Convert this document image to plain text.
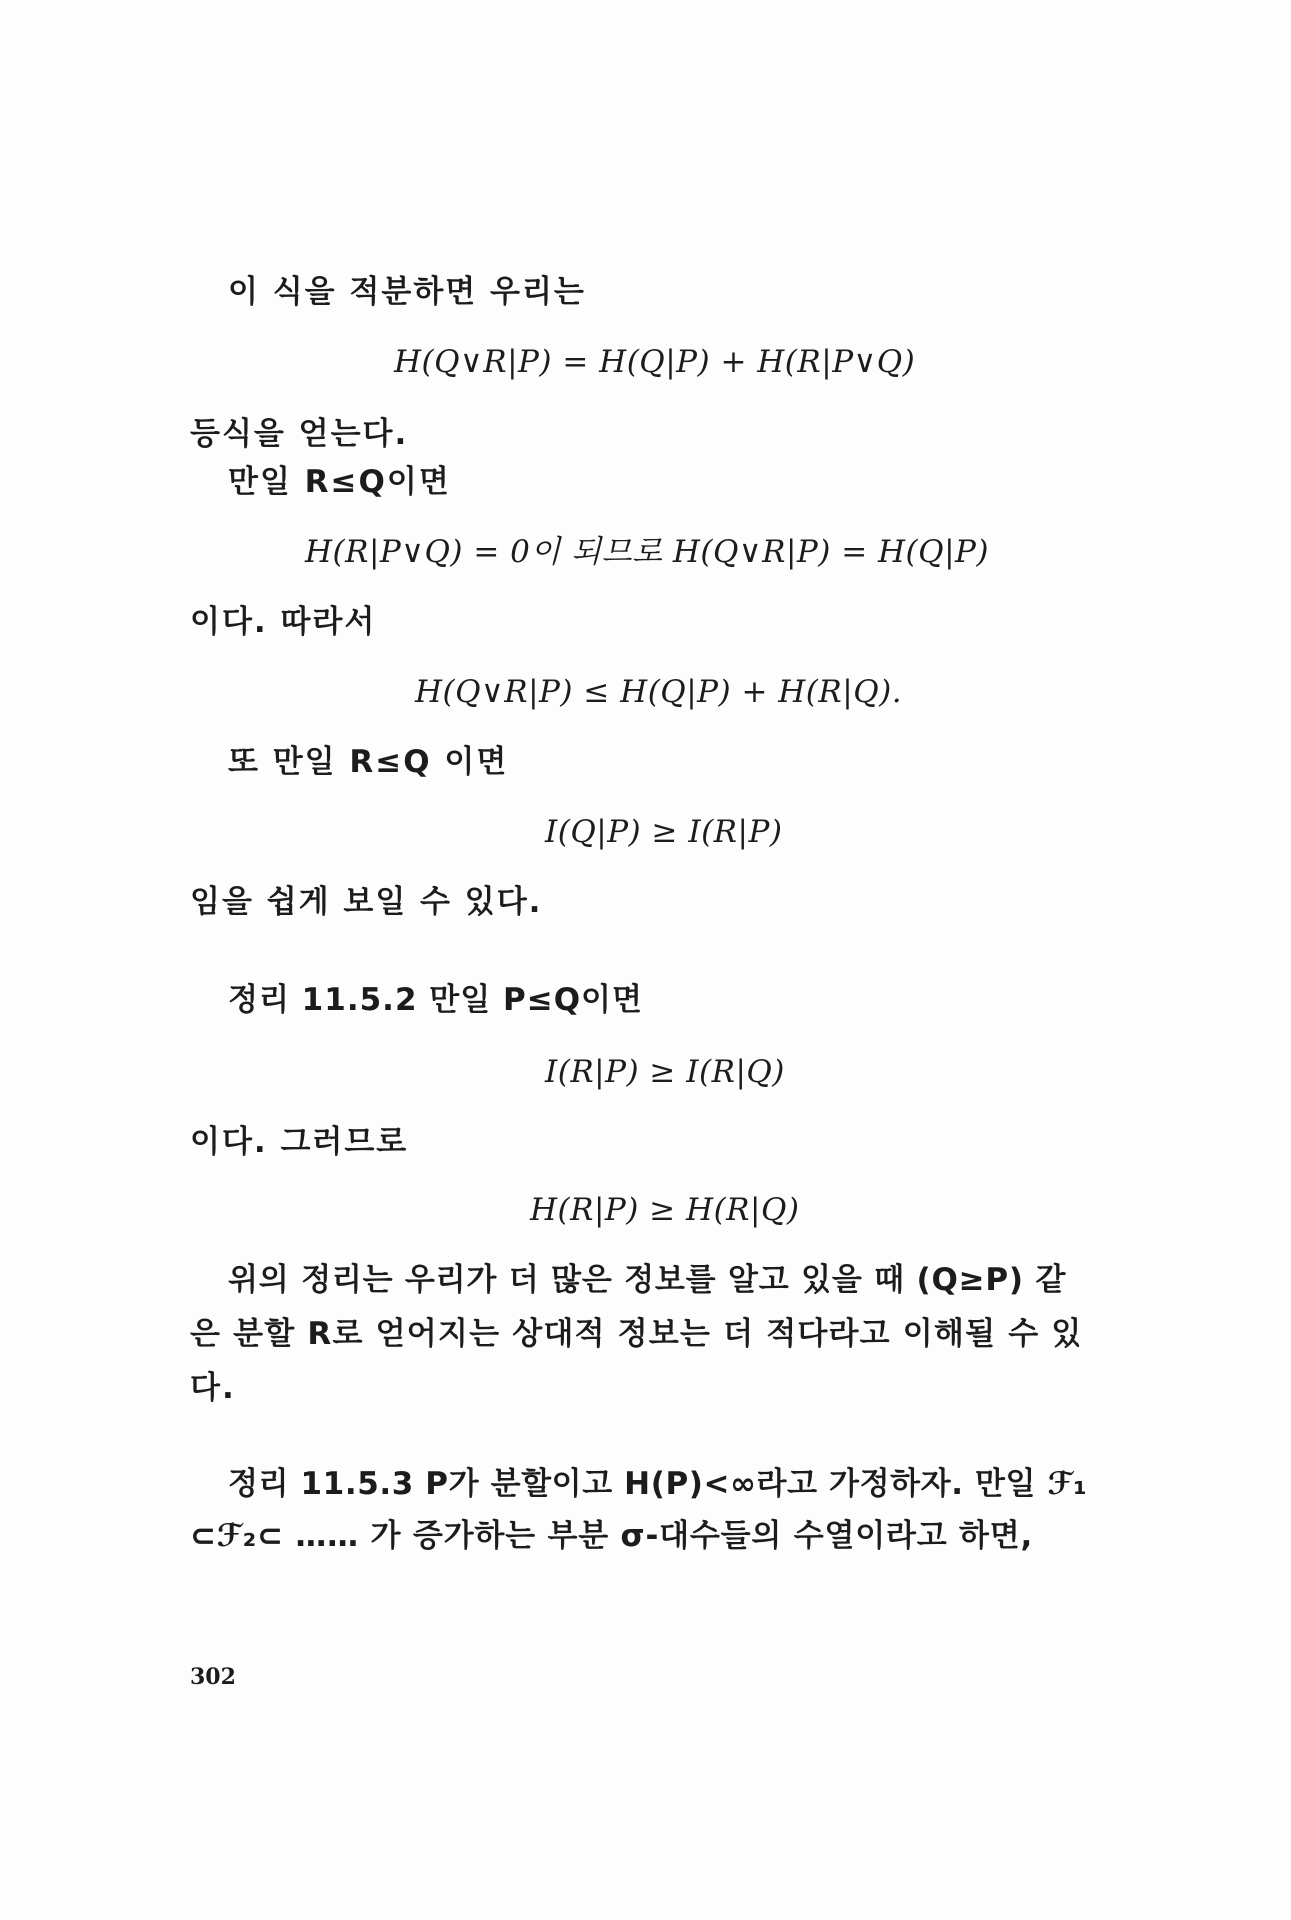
이 식을 적분하면 우리는
H(Q∨R|P) = H(Q|P) + H(R|P∨Q)
등식을 얻는다.
만일 R≤Q이면
H(R|P∨Q) = 0이 되므로 H(Q∨R|P) = H(Q|P)
이다. 따라서
H(Q∨R|P) ≤ H(Q|P) + H(R|Q).
또 만일 R≤Q 이면
I(Q|P) ≥ I(R|P)
임을 쉽게 보일 수 있다.
정리 11.5.2 만일 P≤Q이면
I(R|P) ≥ I(R|Q)
이다. 그러므로
H(R|P) ≥ H(R|Q)
위의 정리는 우리가 더 많은 정보를 알고 있을 때 (Q≥P) 같
은 분할 R로 얻어지는 상대적 정보는 더 적다라고 이해될 수 있
다.
정리 11.5.3 P가 분할이고 H(P)<∞라고 가정하자. 만일 ℱ₁
⊂ℱ₂⊂ …… 가 증가하는 부분 σ-대수들의 수열이라고 하면,
302
